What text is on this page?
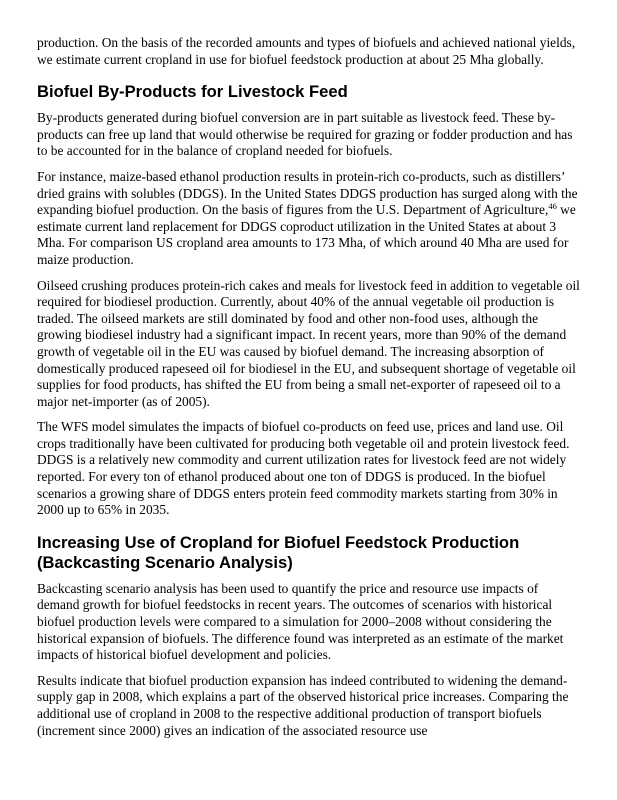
production. On the basis of the recorded amounts and types of biofuels and achieved national yields, we estimate current cropland in use for biofuel feedstock production at about 25 Mha globally.

Biofuel By-Products for Livestock Feed

By-products generated during biofuel conversion are in part suitable as livestock feed. These by-products can free up land that would otherwise be required for grazing or fodder production and has to be accounted for in the balance of cropland needed for biofuels.

For instance, maize-based ethanol production results in protein-rich co-products, such as distillers’ dried grains with solubles (DDGS). In the United States DDGS production has surged along with the expanding biofuel production. On the basis of figures from the U.S. Department of Agriculture,$^{46}$ we estimate current land replacement for DDGS coproduct utilization in the United States at about 3 Mha. For comparison US cropland area amounts to 173 Mha, of which around 40 Mha are used for maize production.

Oilseed crushing produces protein-rich cakes and meals for livestock feed in addition to vegetable oil required for biodiesel production. Currently, about 40% of the annual vegetable oil production is traded. The oilseed markets are still dominated by food and other non-food uses, although the growing biodiesel industry had a significant impact. In recent years, more than 90% of the demand growth of vegetable oil in the EU was caused by biofuel demand. The increasing absorption of domestically produced rapeseed oil for biodiesel in the EU, and subsequent shortage of vegetable oil supplies for food products, has shifted the EU from being a small net-exporter of rapeseed oil to a major net-importer (as of 2005).

The WFS model simulates the impacts of biofuel co-products on feed use, prices and land use. Oil crops traditionally have been cultivated for producing both vegetable oil and protein livestock feed. DDGS is a relatively new commodity and current utilization rates for livestock feed are not widely reported. For every ton of ethanol produced about one ton of DDGS is produced. In the biofuel scenarios a growing share of DDGS enters protein feed commodity markets starting from 30% in 2000 up to 65% in 2035.

Increasing Use of Cropland for Biofuel Feedstock Production (Backcasting Scenario Analysis)

Backcasting scenario analysis has been used to quantify the price and resource use impacts of demand growth for biofuel feedstocks in recent years. The outcomes of scenarios with historical biofuel production levels were compared to a simulation for 2000–2008 without considering the historical expansion of biofuels. The difference found was interpreted as an estimate of the market impacts of historical biofuel development and policies.

Results indicate that biofuel production expansion has indeed contributed to widening the demand-supply gap in 2008, which explains a part of the observed historical price increases. Comparing the additional use of cropland in 2008 to the respective additional production of transport biofuels (increment since 2000) gives an indication of the associated resource use
